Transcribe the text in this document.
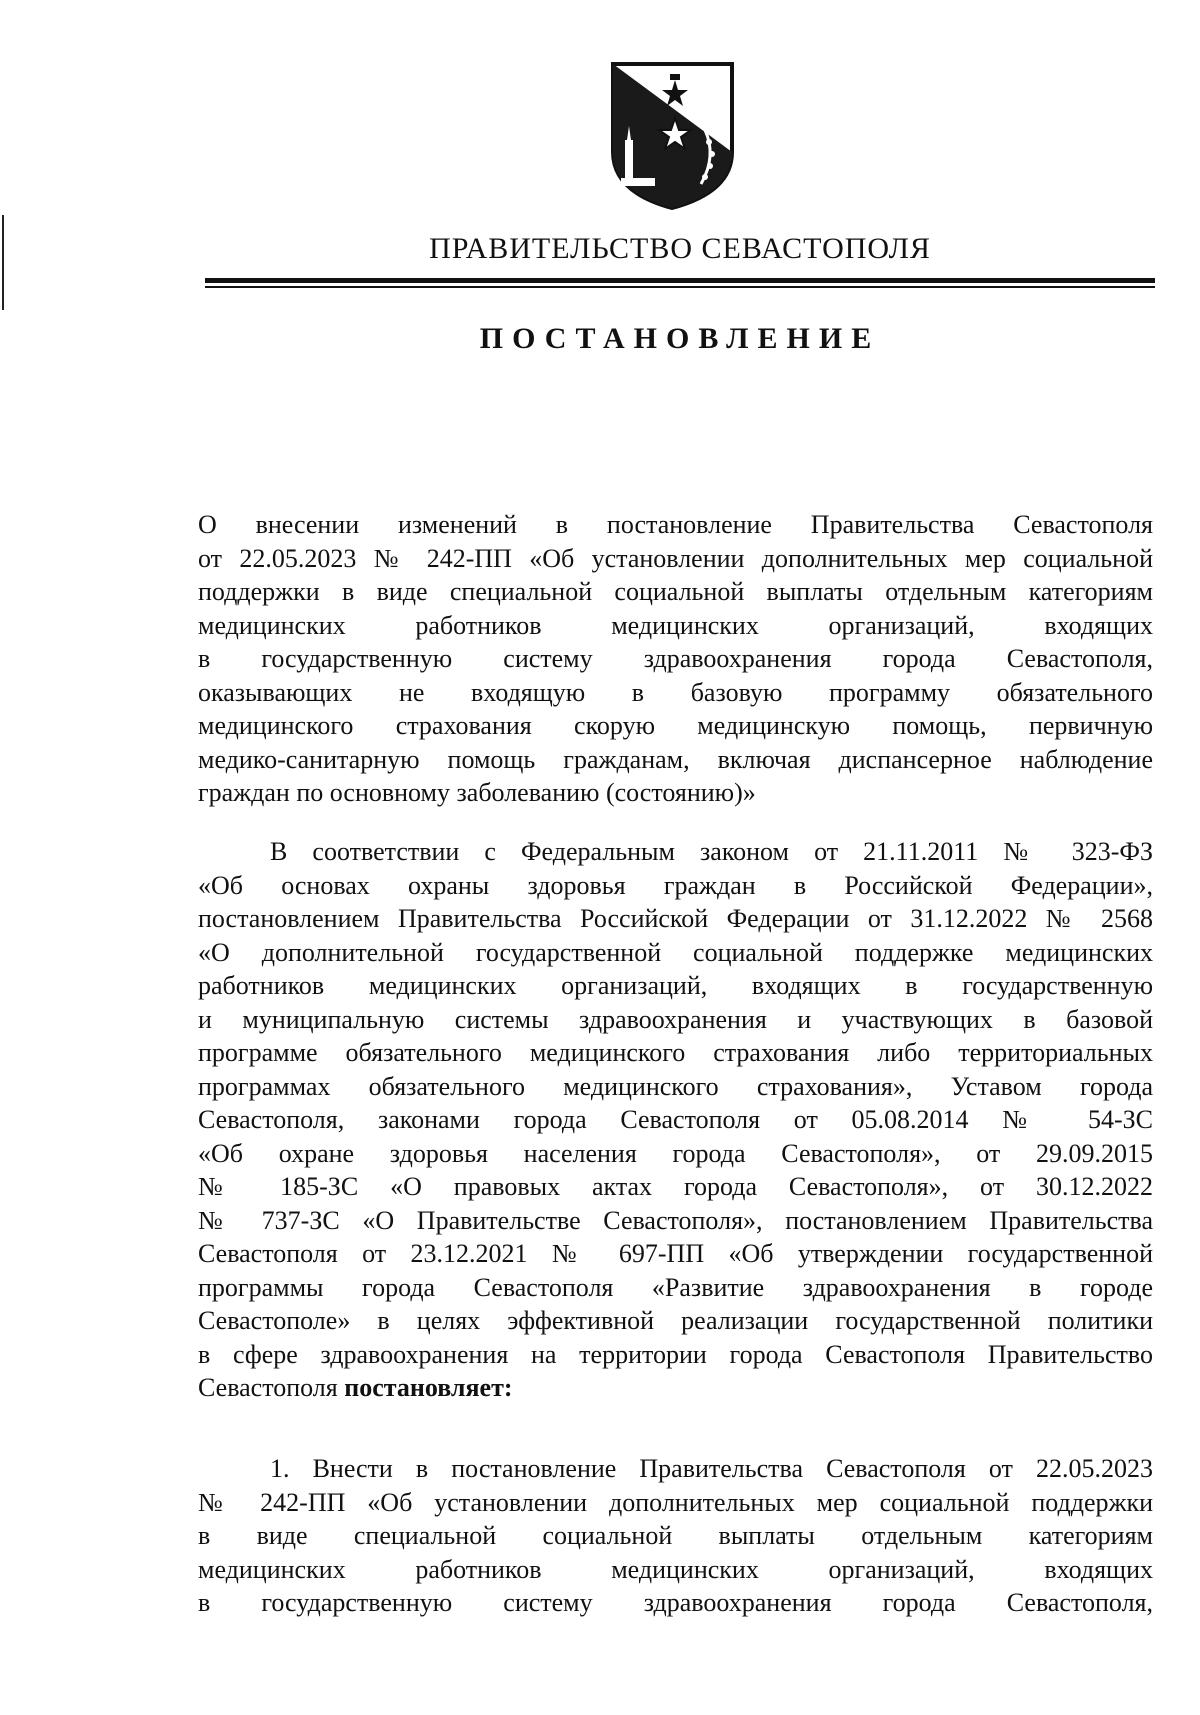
ПРАВИТЕЛЬСТВО СЕВАСТОПОЛЯ
ПОСТАНОВЛЕНИЕ
О внесении изменений в постановление Правительства Севастополя
от 22.05.2023 № 242-ПП «Об установлении дополнительных мер социальной
поддержки в виде специальной социальной выплаты отдельным категориям
медицинских работников медицинских организаций, входящих
в государственную систему здравоохранения города Севастополя,
оказывающих не входящую в базовую программу обязательного
медицинского страхования скорую медицинскую помощь, первичную
медико-санитарную помощь гражданам, включая диспансерное наблюдение
граждан по основному заболеванию (состоянию)»
В соответствии с Федеральным законом от 21.11.2011 № 323-ФЗ
«Об основах охраны здоровья граждан в Российской Федерации»,
постановлением Правительства Российской Федерации от 31.12.2022 № 2568
«О дополнительной государственной социальной поддержке медицинских
работников медицинских организаций, входящих в государственную
и муниципальную системы здравоохранения и участвующих в базовой
программе обязательного медицинского страхования либо территориальных
программах обязательного медицинского страхования», Уставом города
Севастополя, законами города Севастополя от 05.08.2014 № 54-ЗС
«Об охране здоровья населения города Севастополя», от 29.09.2015
№ 185-ЗС «О правовых актах города Севастополя», от 30.12.2022
№ 737-ЗС «О Правительстве Севастополя», постановлением Правительства
Севастополя от 23.12.2021 № 697-ПП «Об утверждении государственной
программы города Севастополя «Развитие здравоохранения в городе
Севастополе» в целях эффективной реализации государственной политики
в сфере здравоохранения на территории города Севастополя Правительство
Севастополя постановляет:
1. Внести в постановление Правительства Севастополя от 22.05.2023
№ 242-ПП «Об установлении дополнительных мер социальной поддержки
в виде специальной социальной выплаты отдельным категориям
медицинских работников медицинских организаций, входящих
в государственную систему здравоохранения города Севастополя,
